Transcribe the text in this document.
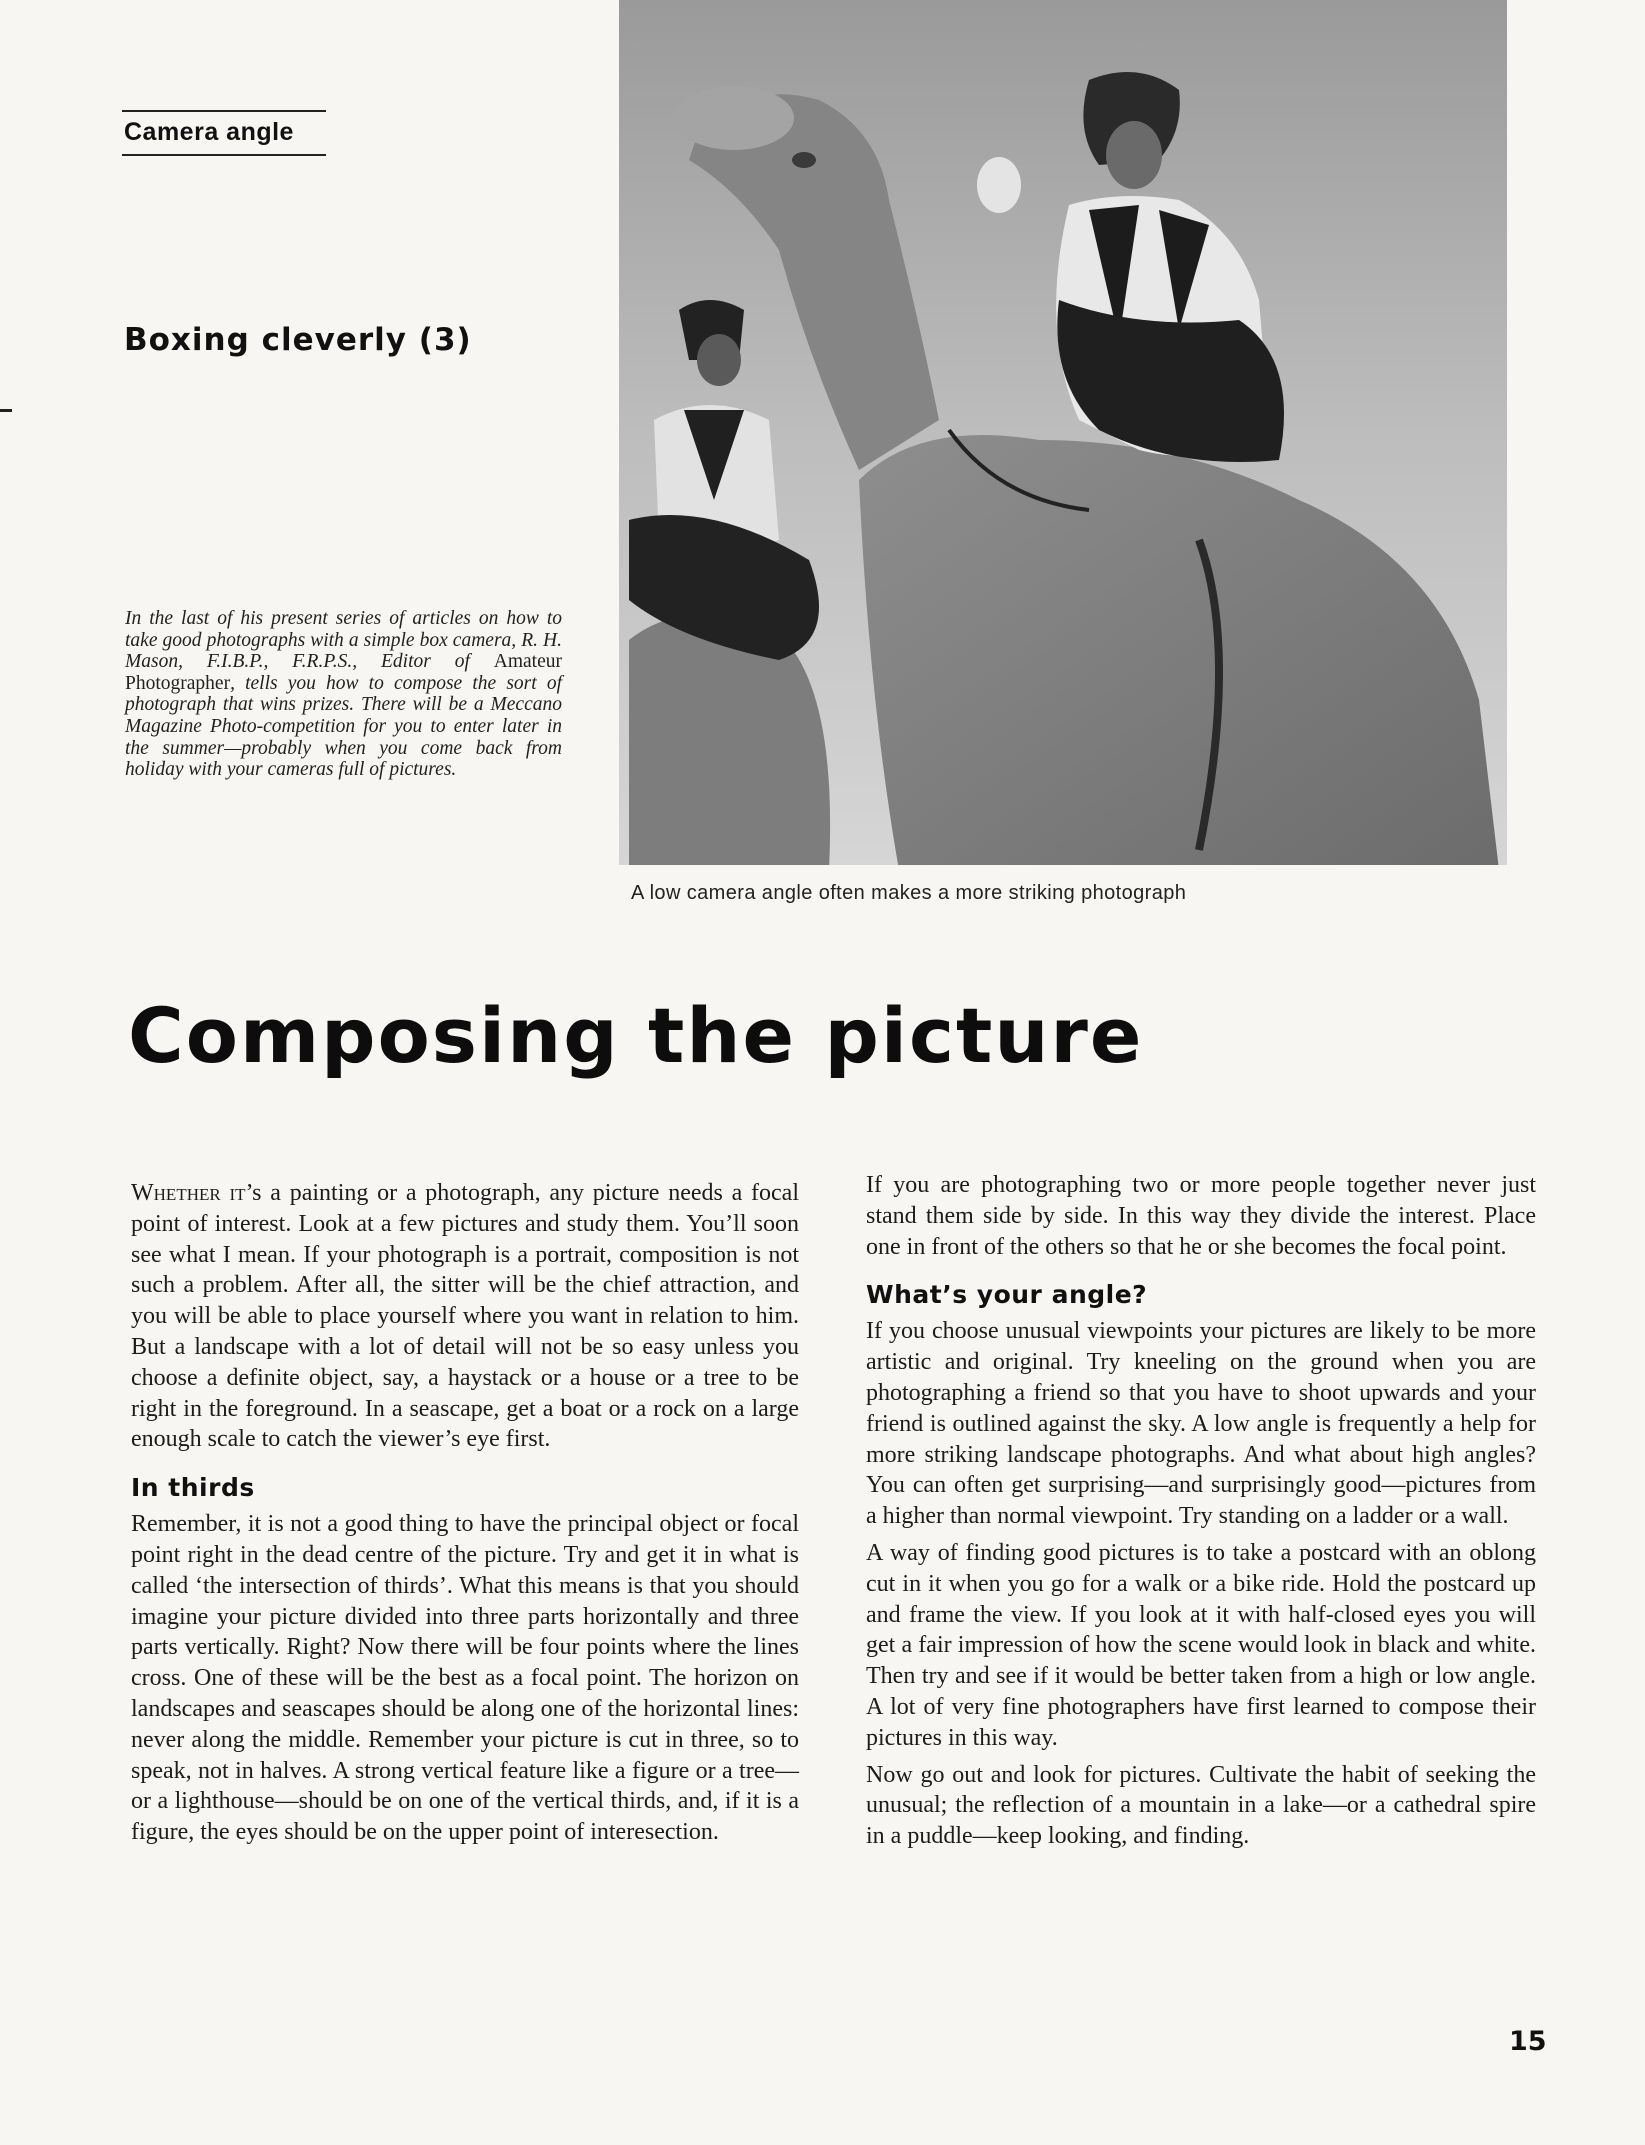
Camera angle
Boxing cleverly (3)
In the last of his present series of articles on how to take good photographs with a simple box camera, R. H. Mason, F.I.B.P., F.R.P.S., Editor of Amateur Photographer, tells you how to compose the sort of photograph that wins prizes. There will be a Meccano Magazine Photo-competition for you to enter later in the summer—probably when you come back from holiday with your cameras full of pictures.
A low camera angle often makes a more striking photograph
Composing the picture

Whether it’s a painting or a photograph, any picture needs a focal point of interest. Look at a few pictures and study them. You’ll soon see what I mean. If your photograph is a portrait, composition is not such a problem. After all, the sitter will be the chief attraction, and you will be able to place yourself where you want in relation to him. But a landscape with a lot of detail will not be so easy unless you choose a definite object, say, a haystack or a house or a tree to be right in the foreground. In a seascape, get a boat or a rock on a large enough scale to catch the viewer’s eye first.

In thirds

Remember, it is not a good thing to have the principal object or focal point right in the dead centre of the picture. Try and get it in what is called ‘the intersection of thirds’. What this means is that you should imagine your picture divided into three parts horizontally and three parts vertically. Right? Now there will be four points where the lines cross. One of these will be the best as a focal point. The horizon on landscapes and seascapes should be along one of the horizontal lines: never along the middle. Remember your picture is cut in three, so to speak, not in halves. A strong vertical feature like a figure or a tree—or a lighthouse—should be on one of the vertical thirds, and, if it is a figure, the eyes should be on the upper point of interesection.

If you are photographing two or more people together never just stand them side by side. In this way they divide the interest. Place one in front of the others so that he or she becomes the focal point.

What’s your angle?

If you choose unusual viewpoints your pictures are likely to be more artistic and original. Try kneeling on the ground when you are photographing a friend so that you have to shoot upwards and your friend is outlined against the sky. A low angle is frequently a help for more striking landscape photographs. And what about high angles? You can often get surprising—and surprisingly good—pictures from a higher than normal viewpoint. Try standing on a ladder or a wall.

A way of finding good pictures is to take a postcard with an oblong cut in it when you go for a walk or a bike ride. Hold the postcard up and frame the view. If you look at it with half-closed eyes you will get a fair impression of how the scene would look in black and white. Then try and see if it would be better taken from a high or low angle. A lot of very fine photographers have first learned to compose their pictures in this way.

Now go out and look for pictures. Cultivate the habit of seeking the unusual; the reflection of a mountain in a lake—or a cathedral spire in a puddle—keep looking, and finding.

15
